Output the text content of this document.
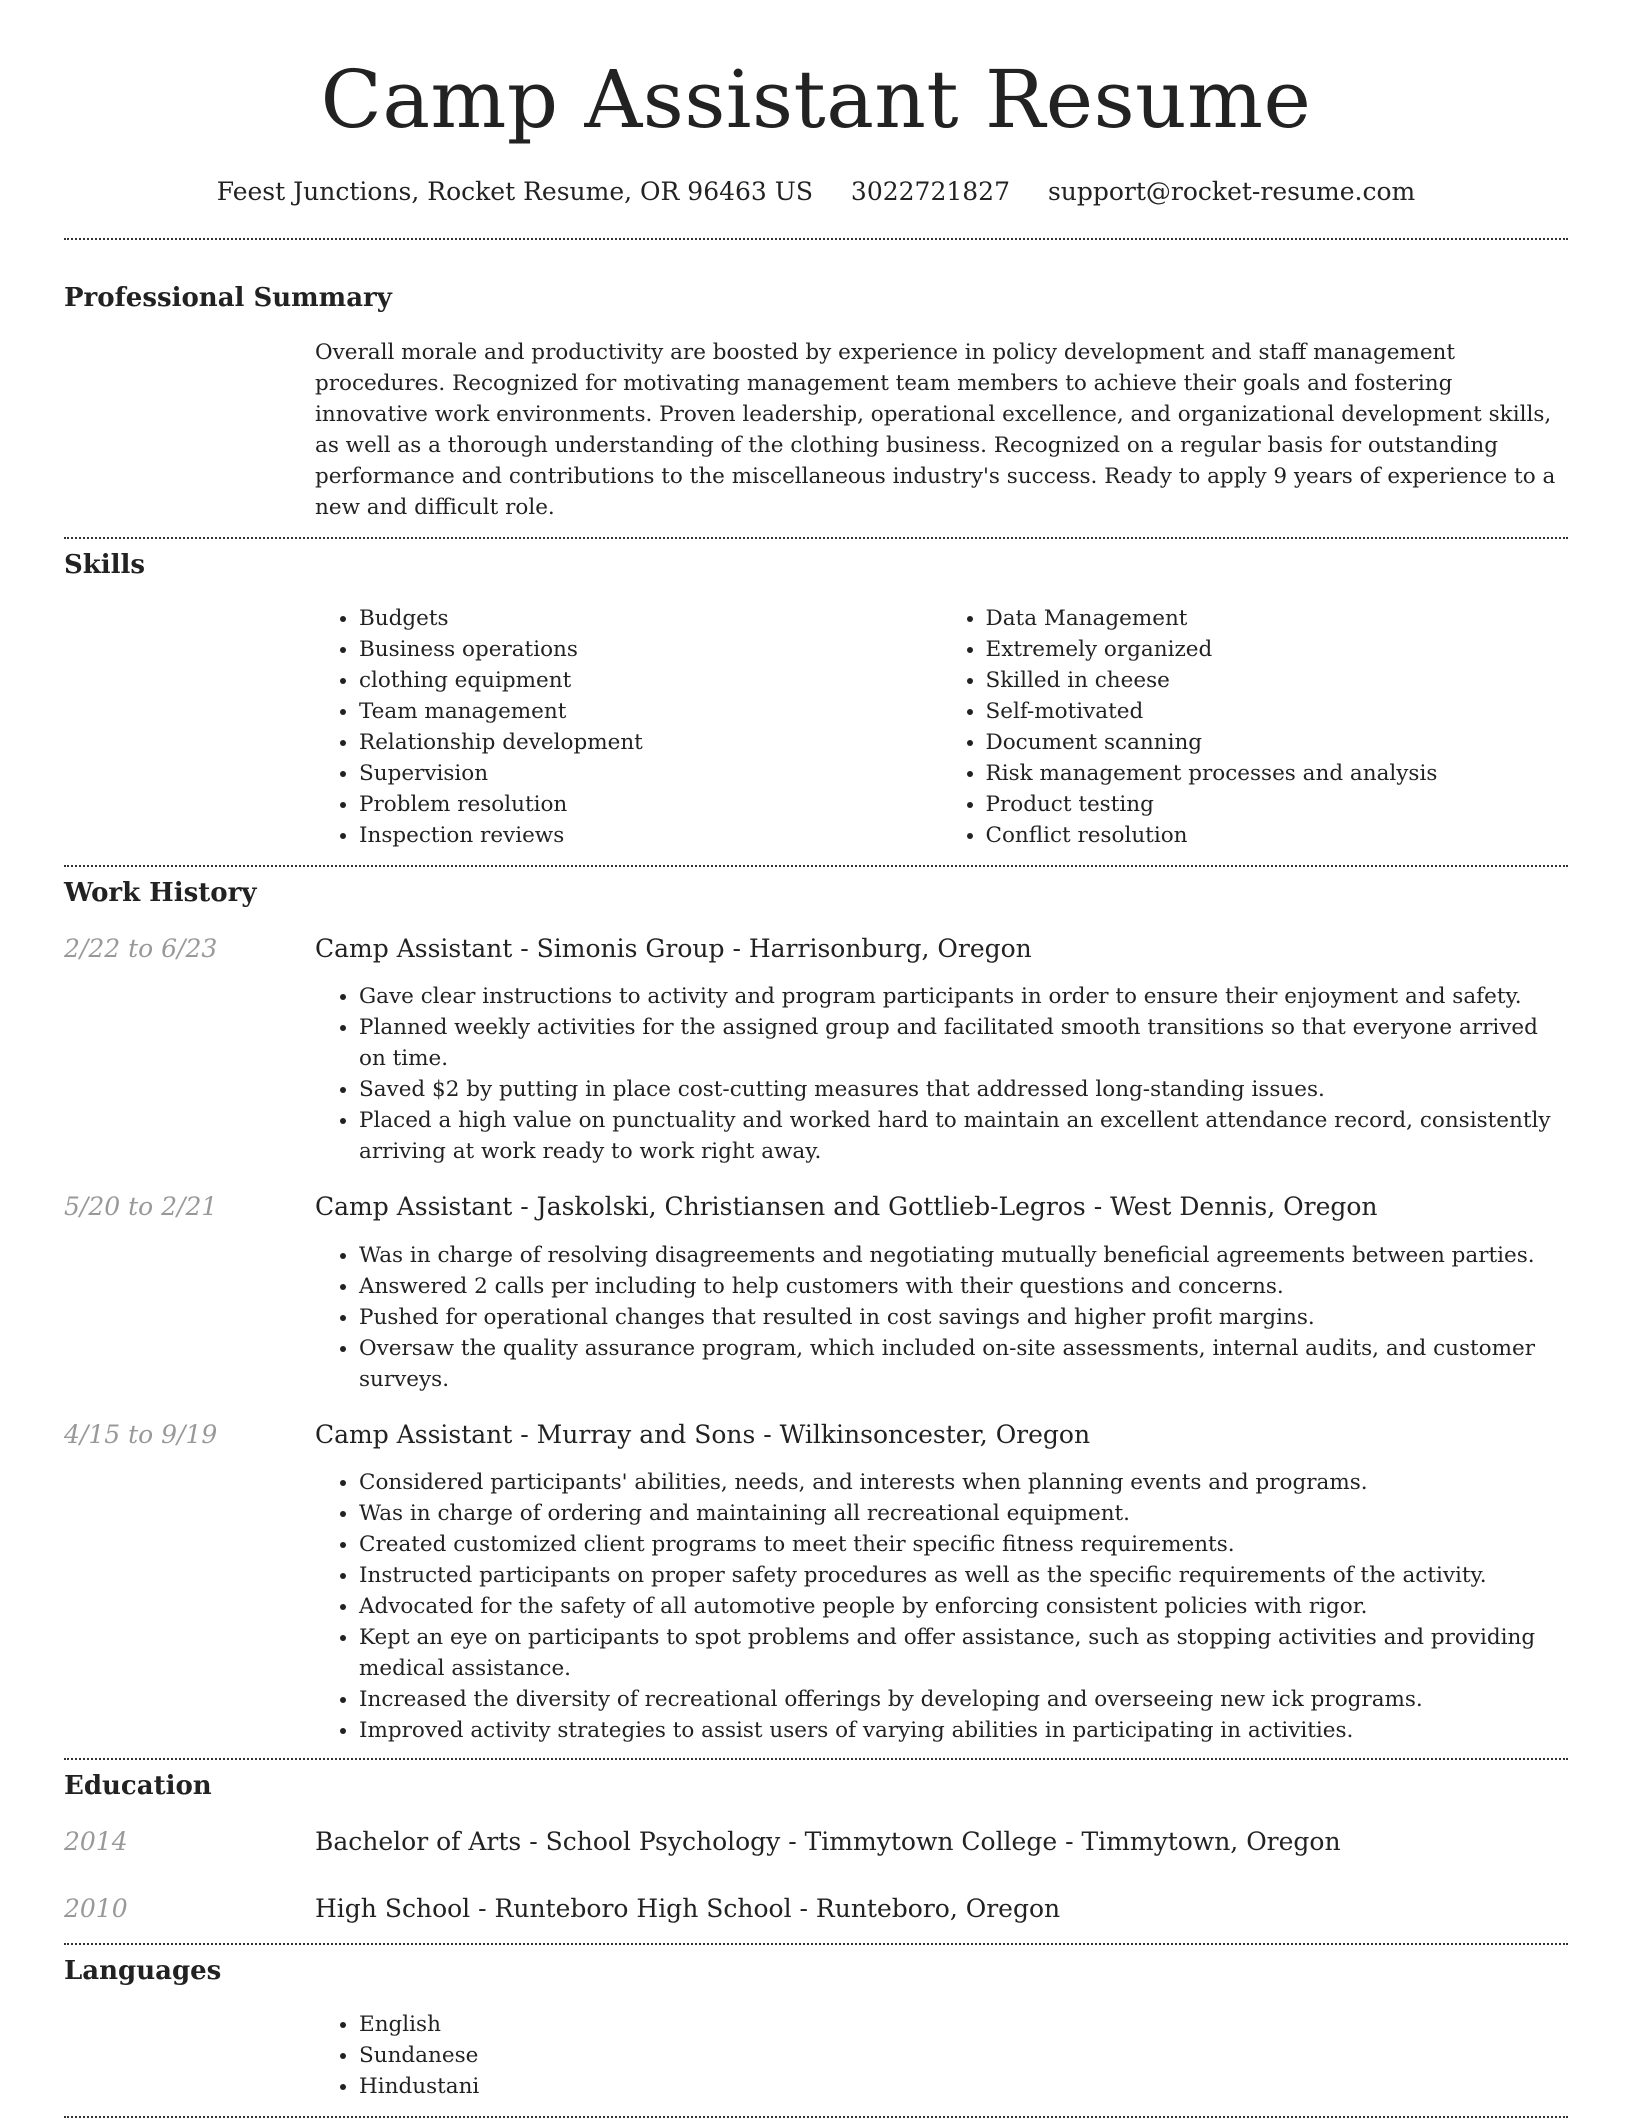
Camp Assistant Resume
Feest Junctions, Rocket Resume, OR 96463 US 3022721827 support@rocket-resume.com
Professional Summary

Overall morale and productivity are boosted by experience in policy development and staff management procedures. Recognized for motivating management team members to achieve their goals and fostering innovative work environments. Proven leadership, operational excellence, and organizational development skills, as well as a thorough understanding of the clothing business. Recognized on a regular basis for outstanding performance and contributions to the miscellaneous industry's success. Ready to apply 9 years of experience to a new and difficult role.

Skills
• Budgets
• Business operations
• clothing equipment
• Team management
• Relationship development
• Supervision
• Problem resolution
• Inspection reviews
• Data Management
• Extremely organized
• Skilled in cheese
• Self-motivated
• Document scanning
• Risk management processes and analysis
• Product testing
• Conflict resolution
Work History
2/22 to 6/23	Camp Assistant - Simonis Group - Harrisonburg, Oregon
• Gave clear instructions to activity and program participants in order to ensure their enjoyment and safety.
• Planned weekly activities for the assigned group and facilitated smooth transitions so that everyone arrived on time.
• Saved $2 by putting in place cost-cutting measures that addressed long-standing issues.
• Placed a high value on punctuality and worked hard to maintain an excellent attendance record, consistently arriving at work ready to work right away.
5/20 to 2/21	Camp Assistant - Jaskolski, Christiansen and Gottlieb-Legros - West Dennis, Oregon
• Was in charge of resolving disagreements and negotiating mutually beneficial agreements between parties.
• Answered 2 calls per including to help customers with their questions and concerns.
• Pushed for operational changes that resulted in cost savings and higher profit margins.
• Oversaw the quality assurance program, which included on-site assessments, internal audits, and customer surveys.
4/15 to 9/19	Camp Assistant - Murray and Sons - Wilkinsoncester, Oregon
• Considered participants' abilities, needs, and interests when planning events and programs.
• Was in charge of ordering and maintaining all recreational equipment.
• Created customized client programs to meet their specific fitness requirements.
• Instructed participants on proper safety procedures as well as the specific requirements of the activity.
• Advocated for the safety of all automotive people by enforcing consistent policies with rigor.
• Kept an eye on participants to spot problems and offer assistance, such as stopping activities and providing medical assistance.
• Increased the diversity of recreational offerings by developing and overseeing new ick programs.
• Improved activity strategies to assist users of varying abilities in participating in activities.
Education
2014	Bachelor of Arts - School Psychology - Timmytown College - Timmytown, Oregon
2010	High School - Runteboro High School - Runteboro, Oregon
Languages
• English
• Sundanese
• Hindustani
